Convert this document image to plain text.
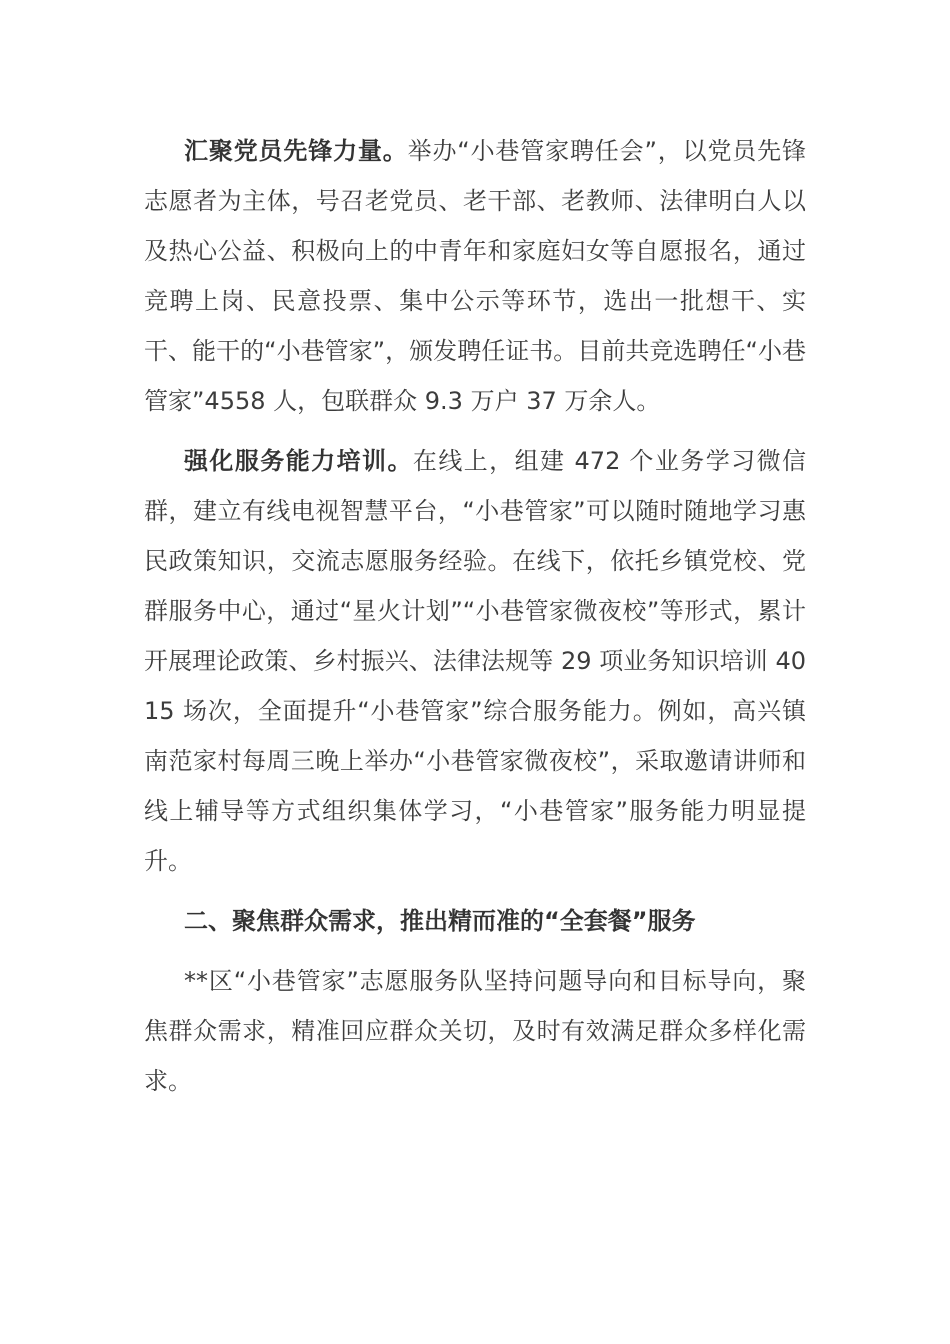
汇聚党员先锋力量。举办“小巷管家聘任会”，以党员先锋志愿者为主体，号召老党员、老干部、老教师、法律明白人以及热心公益、积极向上的中青年和家庭妇女等自愿报名，通过竞聘上岗、民意投票、集中公示等环节，选出一批想干、实干、能干的“小巷管家”，颁发聘任证书。目前共竞选聘任“小巷管家”4558 人，包联群众 9.3 万户 37 万余人。

强化服务能力培训。在线上，组建 472 个业务学习微信群，建立有线电视智慧平台，“小巷管家”可以随时随地学习惠民政策知识，交流志愿服务经验。在线下，依托乡镇党校、党群服务中心，通过“星火计划”“小巷管家微夜校”等形式，累计开展理论政策、乡村振兴、法律法规等 29 项业务知识培训 4015 场次，全面提升“小巷管家”综合服务能力。例如，高兴镇南范家村每周三晚上举办“小巷管家微夜校”，采取邀请讲师和线上辅导等方式组织集体学习，“小巷管家”服务能力明显提升。

二、聚焦群众需求，推出精而准的“全套餐”服务

**区“小巷管家”志愿服务队坚持问题导向和目标导向，聚焦群众需求，精准回应群众关切，及时有效满足群众多样化需求。
